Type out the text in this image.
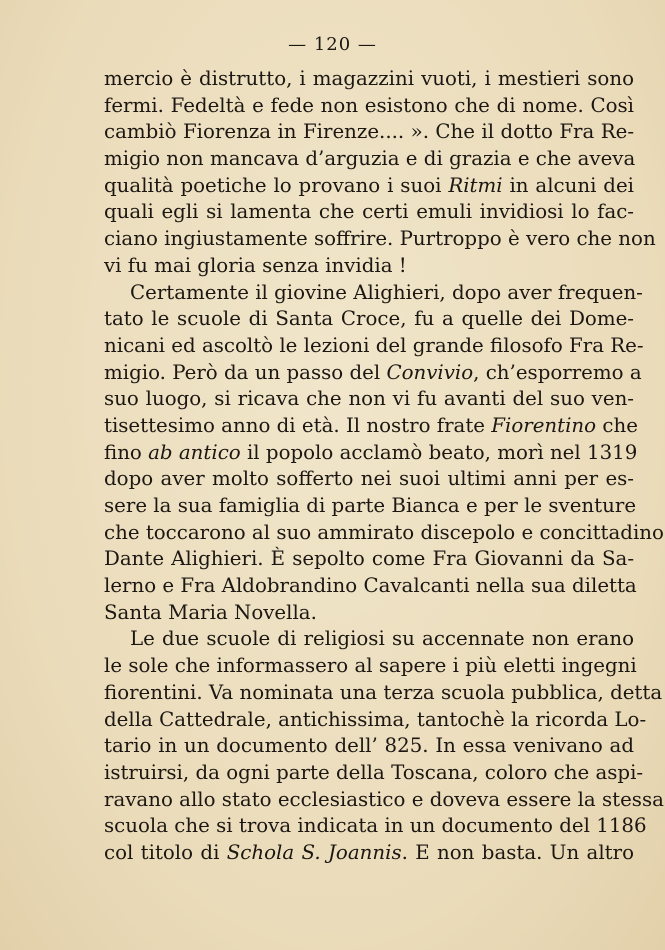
— 120 —
mercio è distrutto, i magazzini vuoti, i mestieri sono
fermi. Fedeltà e fede non esistono che di nome. Così
cambiò Fiorenza in Firenze.... ». Che il dotto Fra Re-
migio non mancava d’arguzia e di grazia e che aveva
qualità poetiche lo provano i suoi Ritmi in alcuni dei
quali egli si lamenta che certi emuli invidiosi lo fac-
ciano ingiustamente soffrire. Purtroppo è vero che non
vi fu mai gloria senza invidia !
Certamente il giovine Alighieri, dopo aver frequen-
tato le scuole di Santa Croce, fu a quelle dei Dome-
nicani ed ascoltò le lezioni del grande filosofo Fra Re-
migio. Però da un passo del Convivio, ch’esporremo a
suo luogo, si ricava che non vi fu avanti del suo ven-
tisettesimo anno di età. Il nostro frate Fiorentino che
fino ab antico il popolo acclamò beato, morì nel 1319
dopo aver molto sofferto nei suoi ultimi anni per es-
sere la sua famiglia di parte Bianca e per le sventure
che toccarono al suo ammirato discepolo e concittadino
Dante Alighieri. È sepolto come Fra Giovanni da Sa-
lerno e Fra Aldobrandino Cavalcanti nella sua diletta
Santa Maria Novella.
Le due scuole di religiosi su accennate non erano
le sole che informassero al sapere i più eletti ingegni
fiorentini. Va nominata una terza scuola pubblica, detta
della Cattedrale, antichissima, tantochè la ricorda Lo-
tario in un documento dell’ 825. In essa venivano ad
istruirsi, da ogni parte della Toscana, coloro che aspi-
ravano allo stato ecclesiastico e doveva essere la stessa
scuola che si trova indicata in un documento del 1186
col titolo di Schola S. Joannis. E non basta. Un altro
